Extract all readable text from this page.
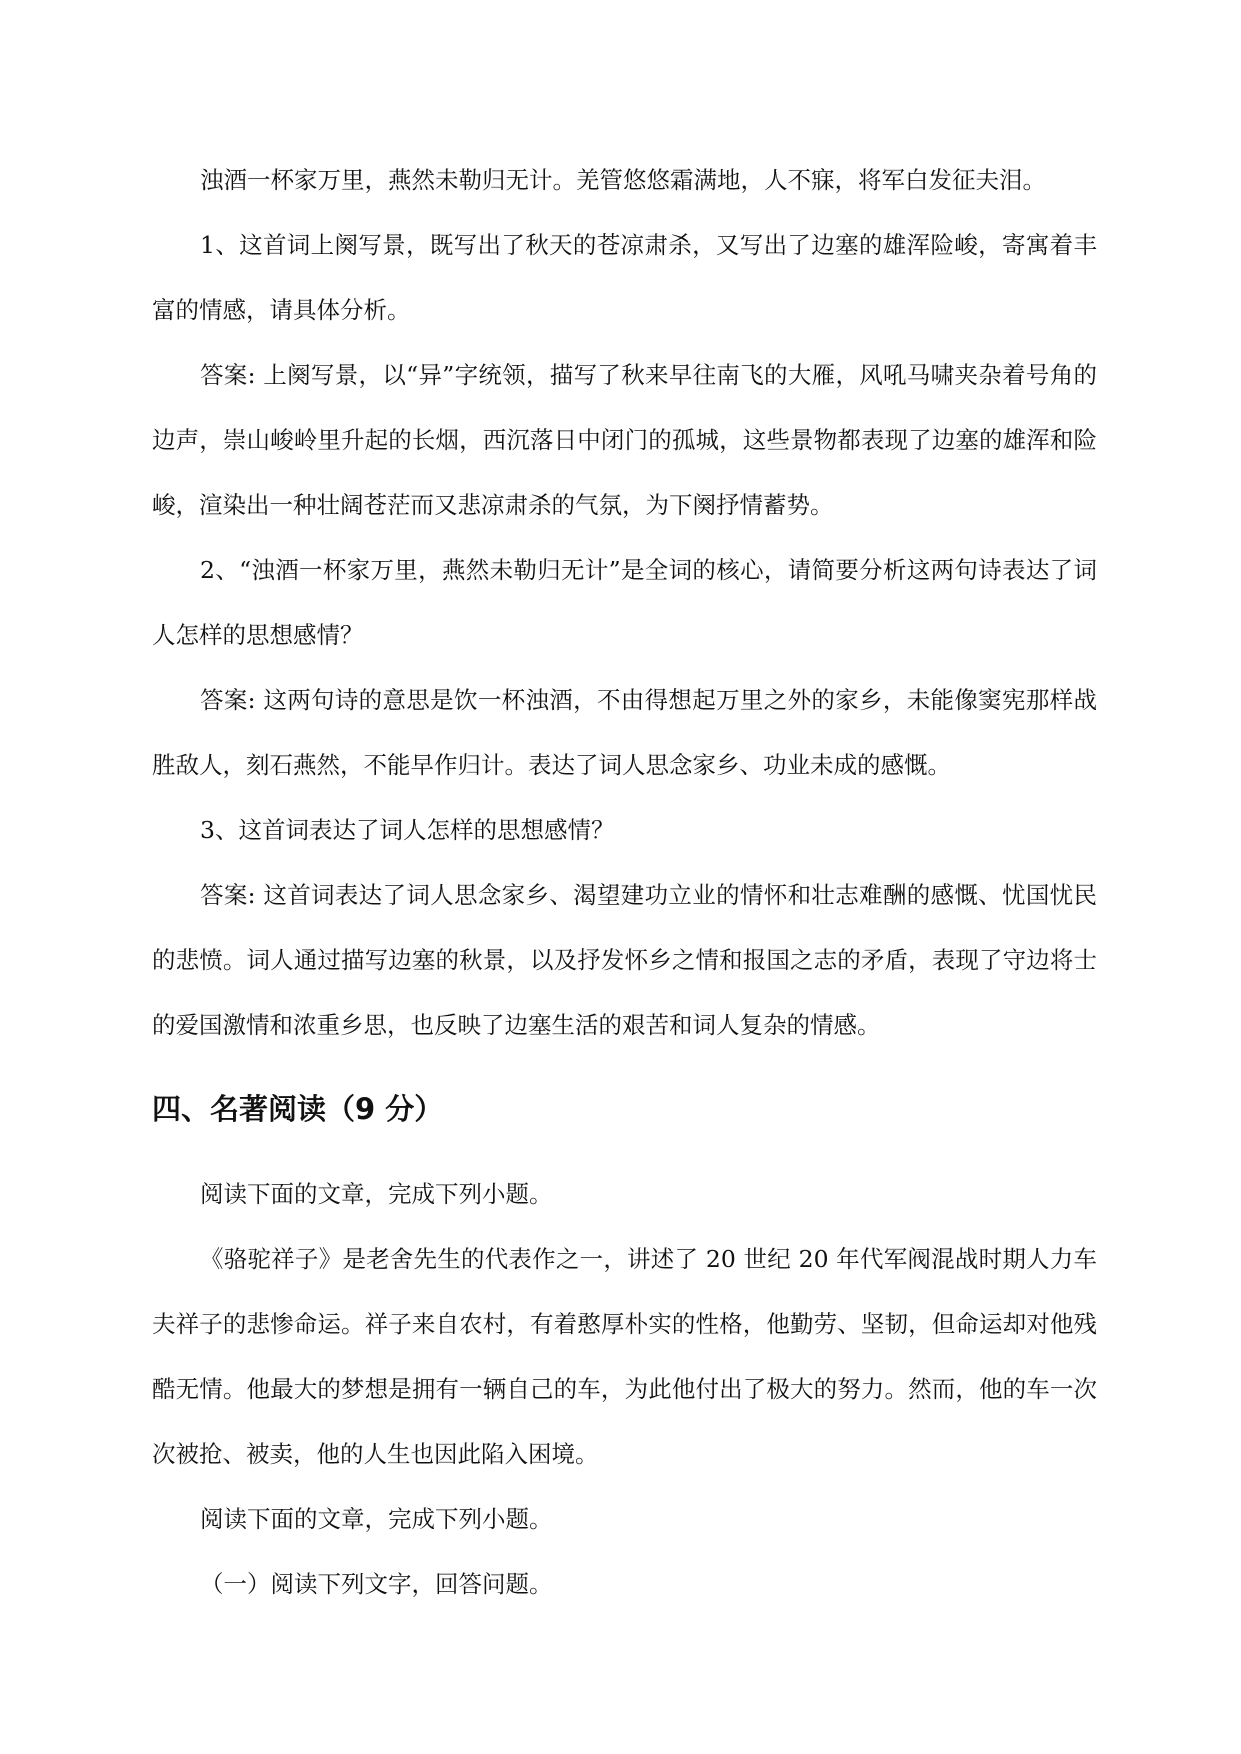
浊酒一杯家万里，燕然未勒归无计。羌管悠悠霜满地，人不寐，将军白发征夫泪。

1、这首词上阕写景，既写出了秋天的苍凉肃杀，又写出了边塞的雄浑险峻，寄寓着丰富的情感，请具体分析。

答案: 上阕写景，以“异”字统领，描写了秋来早往南飞的大雁，风吼马啸夹杂着号角的边声，崇山峻岭里升起的长烟，西沉落日中闭门的孤城，这些景物都表现了边塞的雄浑和险峻，渲染出一种壮阔苍茫而又悲凉肃杀的气氛，为下阕抒情蓄势。

2、“浊酒一杯家万里，燕然未勒归无计”是全词的核心，请简要分析这两句诗表达了词人怎样的思想感情？

答案: 这两句诗的意思是饮一杯浊酒，不由得想起万里之外的家乡，未能像窦宪那样战胜敌人，刻石燕然，不能早作归计。表达了词人思念家乡、功业未成的感慨。

3、这首词表达了词人怎样的思想感情？

答案: 这首词表达了词人思念家乡、渴望建功立业的情怀和壮志难酬的感慨、忧国忧民的悲愤。词人通过描写边塞的秋景，以及抒发怀乡之情和报国之志的矛盾，表现了守边将士的爱国激情和浓重乡思，也反映了边塞生活的艰苦和词人复杂的情感。

四、名著阅读（9 分）

阅读下面的文章，完成下列小题。

《骆驼祥子》是老舍先生的代表作之一，讲述了 20 世纪 20 年代军阀混战时期人力车夫祥子的悲惨命运。祥子来自农村，有着憨厚朴实的性格，他勤劳、坚韧，但命运却对他残酷无情。他最大的梦想是拥有一辆自己的车，为此他付出了极大的努力。然而，他的车一次次被抢、被卖，他的人生也因此陷入困境。

阅读下面的文章，完成下列小题。

（一）阅读下列文字，回答问题。
